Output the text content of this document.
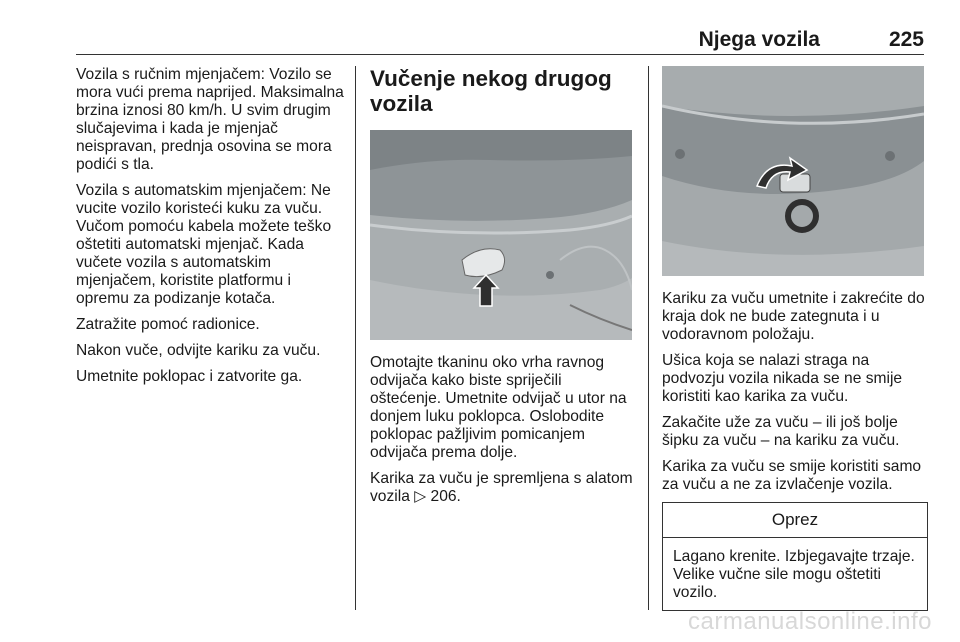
Njega vozila	225

Vozila s ručnim mjenjačem: Vozilo se mora vući prema naprijed. Maksimalna brzina iznosi 80 km/h. U svim drugim slučajevima i kada je mjenjač neispravan, prednja osovina se mora podići s tla.

Vozila s automatskim mjenjačem: Ne vucite vozilo koristeći kuku za vuču. Vučom pomoću kabela možete teško oštetiti automatski mjenjač. Kada vučete vozila s automatskim mjenjačem, koristite platformu i opremu za podizanje kotača.

Zatražite pomoć radionice.

Nakon vuče, odvijte kariku za vuču.

Umetnite poklopac i zatvorite ga.

Vučenje nekog drugog vozila

Omotajte tkaninu oko vrha ravnog odvijača kako biste spriječili oštećenje. Umetnite odvijač u utor na donjem luku poklopca. Oslobodite poklopac pažljivim pomicanjem odvijača prema dolje.

Karika za vuču je spremljena s alatom vozila ▷ 206.

Kariku za vuču umetnite i zakrećite do kraja dok ne bude zategnuta i u vodoravnom položaju.

Ušica koja se nalazi straga na podvozju vozila nikada se ne smije koristiti kao karika za vuču.

Zakačite uže za vuču – ili još bolje šipku za vuču – na kariku za vuču.

Karika za vuču se smije koristiti samo za vuču a ne za izvlačenje vozila.

Oprez

Lagano krenite. Izbjegavajte trzaje. Velike vučne sile mogu oštetiti vozilo.

carmanualsonline.info
